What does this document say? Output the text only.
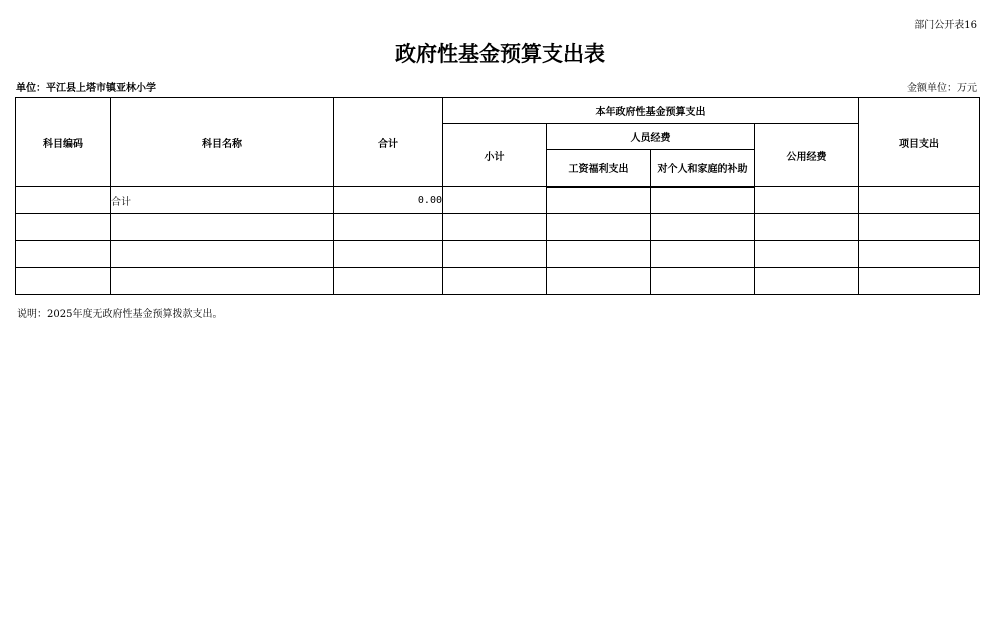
部门公开表16
政府性基金预算支出表
单位：平江县上塔市镇亚林小学	金额单位：万元
科目编码	科目名称	合计	本年政府性基金预算支出				项目支出
			小计	人员经费		公用经费	
				工资福利支出	对个人和家庭的补助		
	合计	0.00					

说明：2025年度无政府性基金预算拨款支出。
